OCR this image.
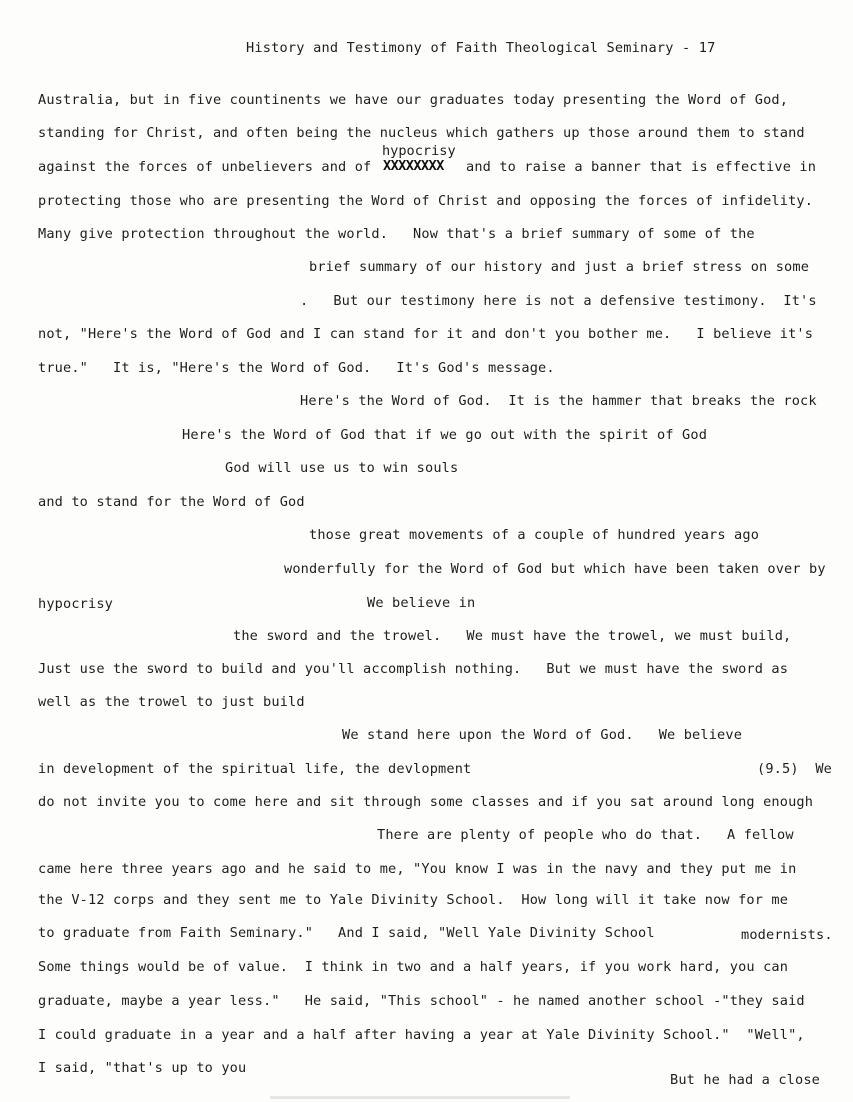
History and Testimony of Faith Theological Seminary - 17
Australia, but in five countinents we have our graduates today presenting the Word of God,
standing for Christ, and often being the nucleus which gathers up those around them to stand
hypocrisy
against the forces of unbelievers and of XXXXXXXX and to raise a banner that is effective in
protecting those who are presenting the Word of Christ and opposing the forces of infidelity.
Many give protection throughout the world.   Now that's a brief summary of some of the
brief summary of our history and just a brief stress on some
.   But our testimony here is not a defensive testimony.  It's
not, "Here's the Word of God and I can stand for it and don't you bother me.   I believe it's
true."   It is, "Here's the Word of God.   It's God's message.
Here's the Word of God.  It is the hammer that breaks the rock
Here's the Word of God that if we go out with the spirit of God
God will use us to win souls
and to stand for the Word of God
those great movements of a couple of hundred years ago
wonderfully for the Word of God but which have been taken over by
hypocrisy	We believe in
the sword and the trowel.   We must have the trowel, we must build,
Just use the sword to build and you'll accomplish nothing.   But we must have the sword as
well as the trowel to just build
We stand here upon the Word of God.   We believe
in development of the spiritual life, the devlopment	(9.5)  We
do not invite you to come here and sit through some classes and if you sat around long enough
There are plenty of people who do that.   A fellow
came here three years ago and he said to me, "You know I was in the navy and they put me in
the V-12 corps and they sent me to Yale Divinity School.  How long will it take now for me
to graduate from Faith Seminary."   And I said, "Well Yale Divinity School	modernists.
Some things would be of value.  I think in two and a half years, if you work hard, you can
graduate, maybe a year less."   He said, "This school" - he named another school -"they said
I could graduate in a year and a half after having a year at Yale Divinity School."  "Well",
I said, "that's up to you
But he had a close
